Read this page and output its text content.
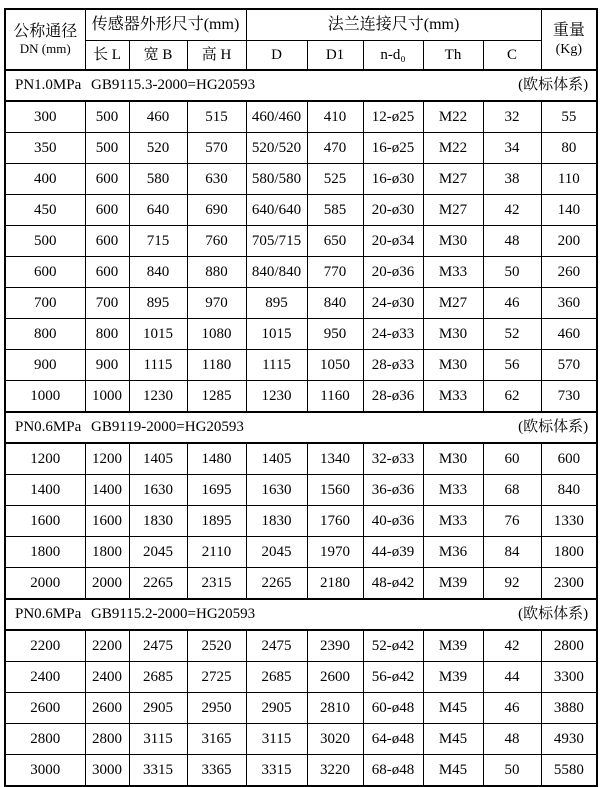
公称通径
DN (mm)
	传感器外形尺寸(mm)	法兰连接尺寸(mm)	重量
(Kg)

	长 L	宽 B	高 H	D	D1	n-d₀	Th	C	

PN1.0MPa GB9115.3-2000=HG20593 (欧标体系)									

300	500	460	515	460/460	410	12-ø25	M22	32	55
350	500	520	570	520/520	470	16-ø25	M22	34	80
400	600	580	630	580/580	525	16-ø30	M27	38	110
450	600	640	690	640/640	585	20-ø30	M27	42	140
500	600	715	760	705/715	650	20-ø34	M30	48	200
600	600	840	880	840/840	770	20-ø36	M33	50	260
700	700	895	970	895	840	24-ø30	M27	46	360
800	800	1015	1080	1015	950	24-ø33	M30	52	460
900	900	1115	1180	1115	1050	28-ø33	M30	56	570
1000	1000	1230	1285	1230	1160	28-ø36	M33	62	730

PN0.6MPa GB9119-2000=HG20593 (欧标体系)									

1200	1200	1405	1480	1405	1340	32-ø33	M30	60	600
1400	1400	1630	1695	1630	1560	36-ø36	M33	68	840
1600	1600	1830	1895	1830	1760	40-ø36	M33	76	1330
1800	1800	2045	2110	2045	1970	44-ø39	M36	84	1800
2000	2000	2265	2315	2265	2180	48-ø42	M39	92	2300

PN0.6MPa GB9115.2-2000=HG20593 (欧标体系)									

2200	2200	2475	2520	2475	2390	52-ø42	M39	42	2800
2400	2400	2685	2725	2685	2600	56-ø42	M39	44	3300
2600	2600	2905	2950	2905	2810	60-ø48	M45	46	3880
2800	2800	3115	3165	3115	3020	64-ø48	M45	48	4930
3000	3000	3315	3365	3315	3220	68-ø48	M45	50	5580
